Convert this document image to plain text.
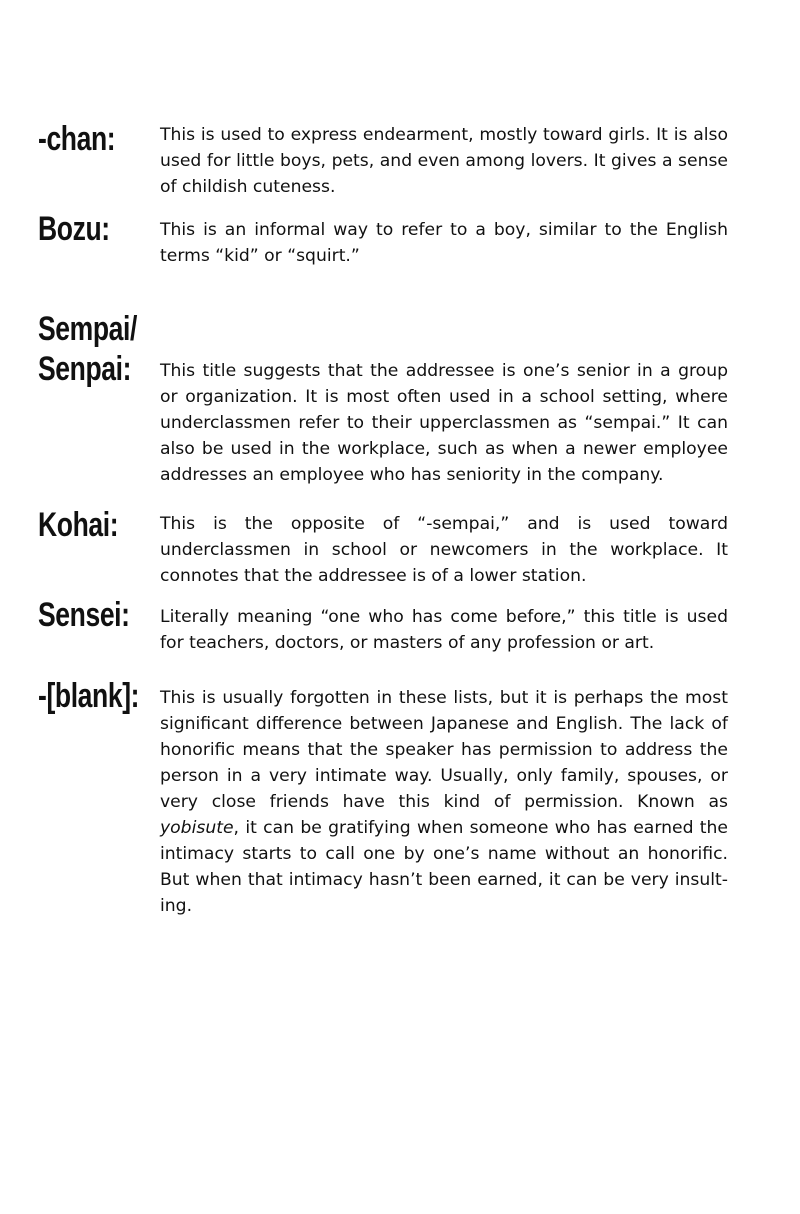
-chan:	This is used to express endearment, mostly toward girls. It is also used for little boys, pets, and even among lovers. It gives a sense of childish cuteness.
Bozu:	This is an informal way to refer to a boy, similar to the English terms “kid” or “squirt.”
Sempai/
Senpai: This title suggests that the addressee is one’s senior in a group or organization. It is most often used in a school setting, where underclassmen refer to their upperclassmen as “sempai.” It can also be used in the workplace, such as when a newer employee addresses an employee who has seniority in the company.
Kohai: This is the opposite of “-sempai,” and is used toward underclassmen in school or newcomers in the workplace. It connotes that the addressee is of a lower station.
Sensei: Literally meaning “one who has come before,” this title is used for teachers, doctors, or masters of any profession or art.
-[blank]: This is usually forgotten in these lists, but it is perhaps the most significant difference between Japanese and English. The lack of honorific means that the speaker has permission to address the person in a very intimate way. Usually, only family, spouses, or very close friends have this kind of permission. Known as yobisute, it can be gratifying when someone who has earned the intimacy starts to call one by one’s name without an honorific. But when that intimacy hasn’t been earned, it can be very insult-ing.
